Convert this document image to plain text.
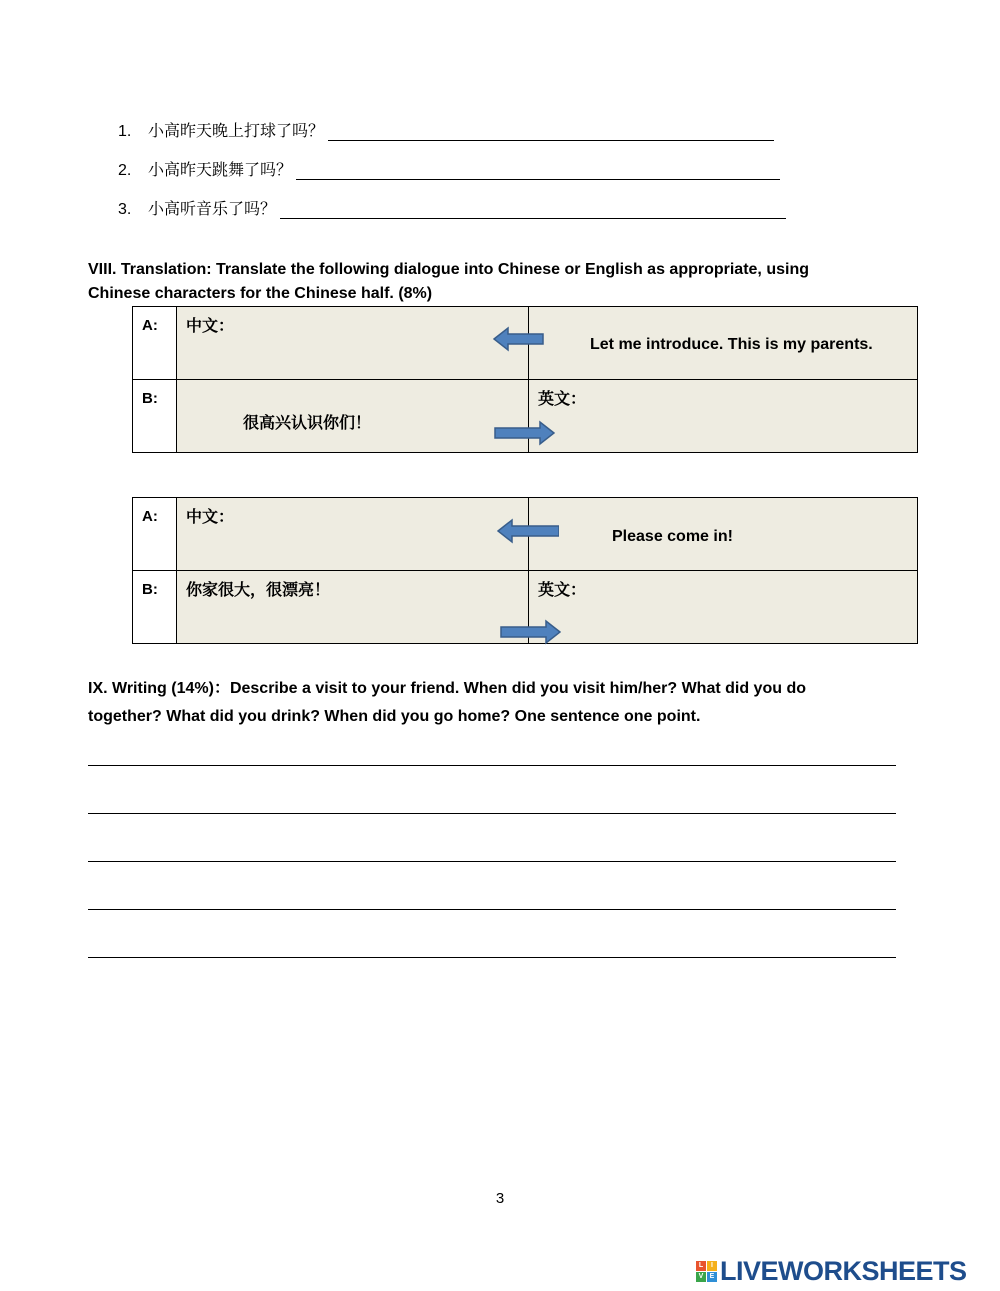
1.	小高昨天晚上打球了吗？
2.	小高昨天跳舞了吗？
3.	小高听音乐了吗？
VIII. Translation: Translate the following dialogue into Chinese or English as appropriate, using
Chinese characters for the Chinese half. (8%)
A:	中文：	Let me introduce. This is my parents.

B:	很高兴认识你们！	英文：
A:	中文：	Please come in!

B:	你家很大，很漂亮！	英文：
IX. Writing (14%)：Describe a visit to your friend. When did you visit him/her? What did you do
together? What did you drink? When did you go home? One sentence one point.
3
L	I
V E LIVEWORKSHEETS
